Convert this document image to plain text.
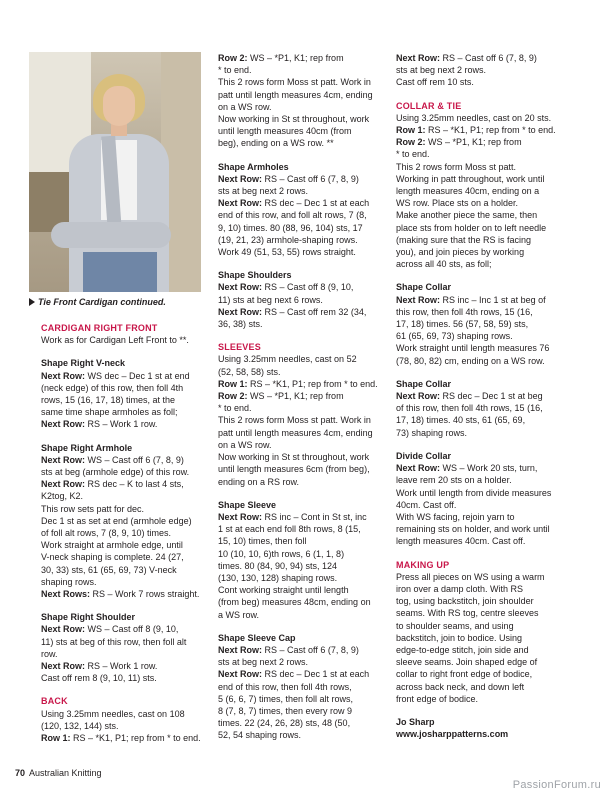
Tie Front Cardigan continued.

CARDIGAN RIGHT FRONT

Work as for Cardigan Left Front to **.

Shape Right V-neck

Next Row: WS dec – Dec 1 st at end

(neck edge) of this row, then foll 4th

rows, 15 (16, 17, 18) times, at the

same time shape armholes as foll;

Next Row: RS – Work 1 row.

Shape Right Armhole

Next Row: WS – Cast off 6 (7, 8, 9)

sts at beg (armhole edge) of this row.

Next Row: RS dec – K to last 4 sts,

K2tog, K2.

This row sets patt for dec.

Dec 1 st as set at end (armhole edge)

of foll alt rows, 7 (8, 9, 10) times.

Work straight at armhole edge, until

V-neck shaping is complete. 24 (27,

30, 33) sts, 61 (65, 69, 73) V-neck

shaping rows.

Next Rows: RS – Work 7 rows straight.

Shape Right Shoulder

Next Row: WS – Cast off 8 (9, 10,

11) sts at beg of this row, then foll alt

row.

Next Row: RS – Work 1 row.

Cast off rem 8 (9, 10, 11) sts.

BACK

Using 3.25mm needles, cast on 108

(120, 132, 144) sts.

Row 1: RS – *K1, P1; rep from * to end.

Row 2: WS – *P1, K1; rep from

* to end.

This 2 rows form Moss st patt. Work in

patt until length measures 4cm, ending

on a WS row.

Now working in St st throughout, work

until length measures 40cm (from

beg), ending on a WS row. **

Shape Armholes

Next Row: RS – Cast off 6 (7, 8, 9)

sts at beg next 2 rows.

Next Row: RS dec – Dec 1 st at each

end of this row, and foll alt rows, 7 (8,

9, 10) times. 80 (88, 96, 104) sts, 17

(19, 21, 23) armhole-shaping rows.

Work 49 (51, 53, 55) rows straight.

Shape Shoulders

Next Row: RS – Cast off 8 (9, 10,

11) sts at beg next 6 rows.

Next Row: RS – Cast off rem 32 (34,

36, 38) sts.

SLEEVES

Using 3.25mm needles, cast on 52

(52, 58, 58) sts.

Row 1: RS – *K1, P1; rep from * to end.

Row 2: WS – *P1, K1; rep from

* to end.

This 2 rows form Moss st patt. Work in

patt until length measures 4cm, ending

on a WS row.

Now working in St st throughout, work

until length measures 6cm (from beg),

ending on a RS row.

Shape Sleeve

Next Row: RS inc – Cont in St st, inc

1 st at each end foll 8th rows, 8 (15,

15, 10) times, then foll

10 (10, 10, 6)th rows, 6 (1, 1, 8)

times. 80 (84, 90, 94) sts, 124

(130, 130, 128) shaping rows.

Cont working straight until length

(from beg) measures 48cm, ending on

a WS row.

Shape Sleeve Cap

Next Row: RS – Cast off 6 (7, 8, 9)

sts at beg next 2 rows.

Next Row: RS dec – Dec 1 st at each

end of this row, then foll 4th rows,

5 (6, 6, 7) times, then foll alt rows,

8 (7, 8, 7) times, then every row 9

times. 22 (24, 26, 28) sts, 48 (50,

52, 54 shaping rows.

Next Row: RS – Cast off 6 (7, 8, 9)

sts at beg next 2 rows.

Cast off rem 10 sts.

COLLAR & TIE

Using 3.25mm needles, cast on 20 sts.

Row 1: RS – *K1, P1; rep from * to end.

Row 2: WS – *P1, K1; rep from

* to end.

This 2 rows form Moss st patt.

Working in patt throughout, work until

length measures 40cm, ending on a

WS row. Place sts on a holder.

Make another piece the same, then

place sts from holder on to left needle

(making sure that the RS is facing

you), and join pieces by working

across all 40 sts, as foll;

Shape Collar

Next Row: RS inc – Inc 1 st at beg of

this row, then foll 4th rows, 15 (16,

17, 18) times. 56 (57, 58, 59) sts,

61 (65, 69, 73) shaping rows.

Work straight until length measures 76

(78, 80, 82) cm, ending on a WS row.

Shape Collar

Next Row: RS dec – Dec 1 st at beg

of this row, then foll 4th rows, 15 (16,

17, 18) times. 40 sts, 61 (65, 69,

73) shaping rows.

Divide Collar

Next Row: WS – Work 20 sts, turn,

leave rem 20 sts on a holder.

Work until length from divide measures

40cm. Cast off.

With WS facing, rejoin yarn to

remaining sts on holder, and work until

length measures 40cm. Cast off.

MAKING UP

Press all pieces on WS using a warm

iron over a damp cloth. With RS

tog, using backstitch, join shoulder

seams. With RS tog, centre sleeves

to shoulder seams, and using

backstitch, join to bodice. Using

edge-to-edge stitch, join side and

sleeve seams. Join shaped edge of

collar to right front edge of bodice,

across back neck, and down left

front edge of bodice.

Jo Sharp

www.josharppatterns.com

70 Australian Knitting
PassionForum.ru
